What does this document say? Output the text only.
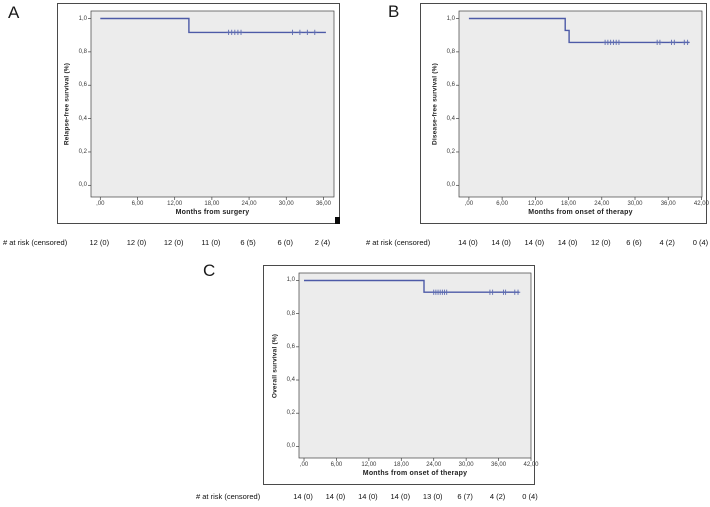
A
Relapse-free survival (%)
Months from surgery
,00	6,00	12,00	18,00	24,00	30,00	36,00
1,0
0,8
0,6
0,4
0,2
0,0
# at risk (censored)	12 (0)	12 (0)	12 (0)	11 (0)	6 (5)	6 (0)	2 (4)
B
Disease-free survival (%)
Months from onset of therapy
,00	6,00	12,00	18,00	24,00	30,00	36,00	42,00
1,0
0,8
0,6
0,4
0,2
0,0
# at risk (censored)	14 (0)	14 (0)	14 (0)	14 (0)	12 (0)	6 (6)	4 (2)	0 (4)
C
Overall survival (%)
Months from onset of therapy
,00	6,00	12,00	18,00	24,00	30,00	36,00	42,00
1,0
0,8
0,6
0,4
0,2
0,0
# at risk (censored)	14 (0)	14 (0)	14 (0)	14 (0)	13 (0)	6 (7)	4 (2)	0 (4)
